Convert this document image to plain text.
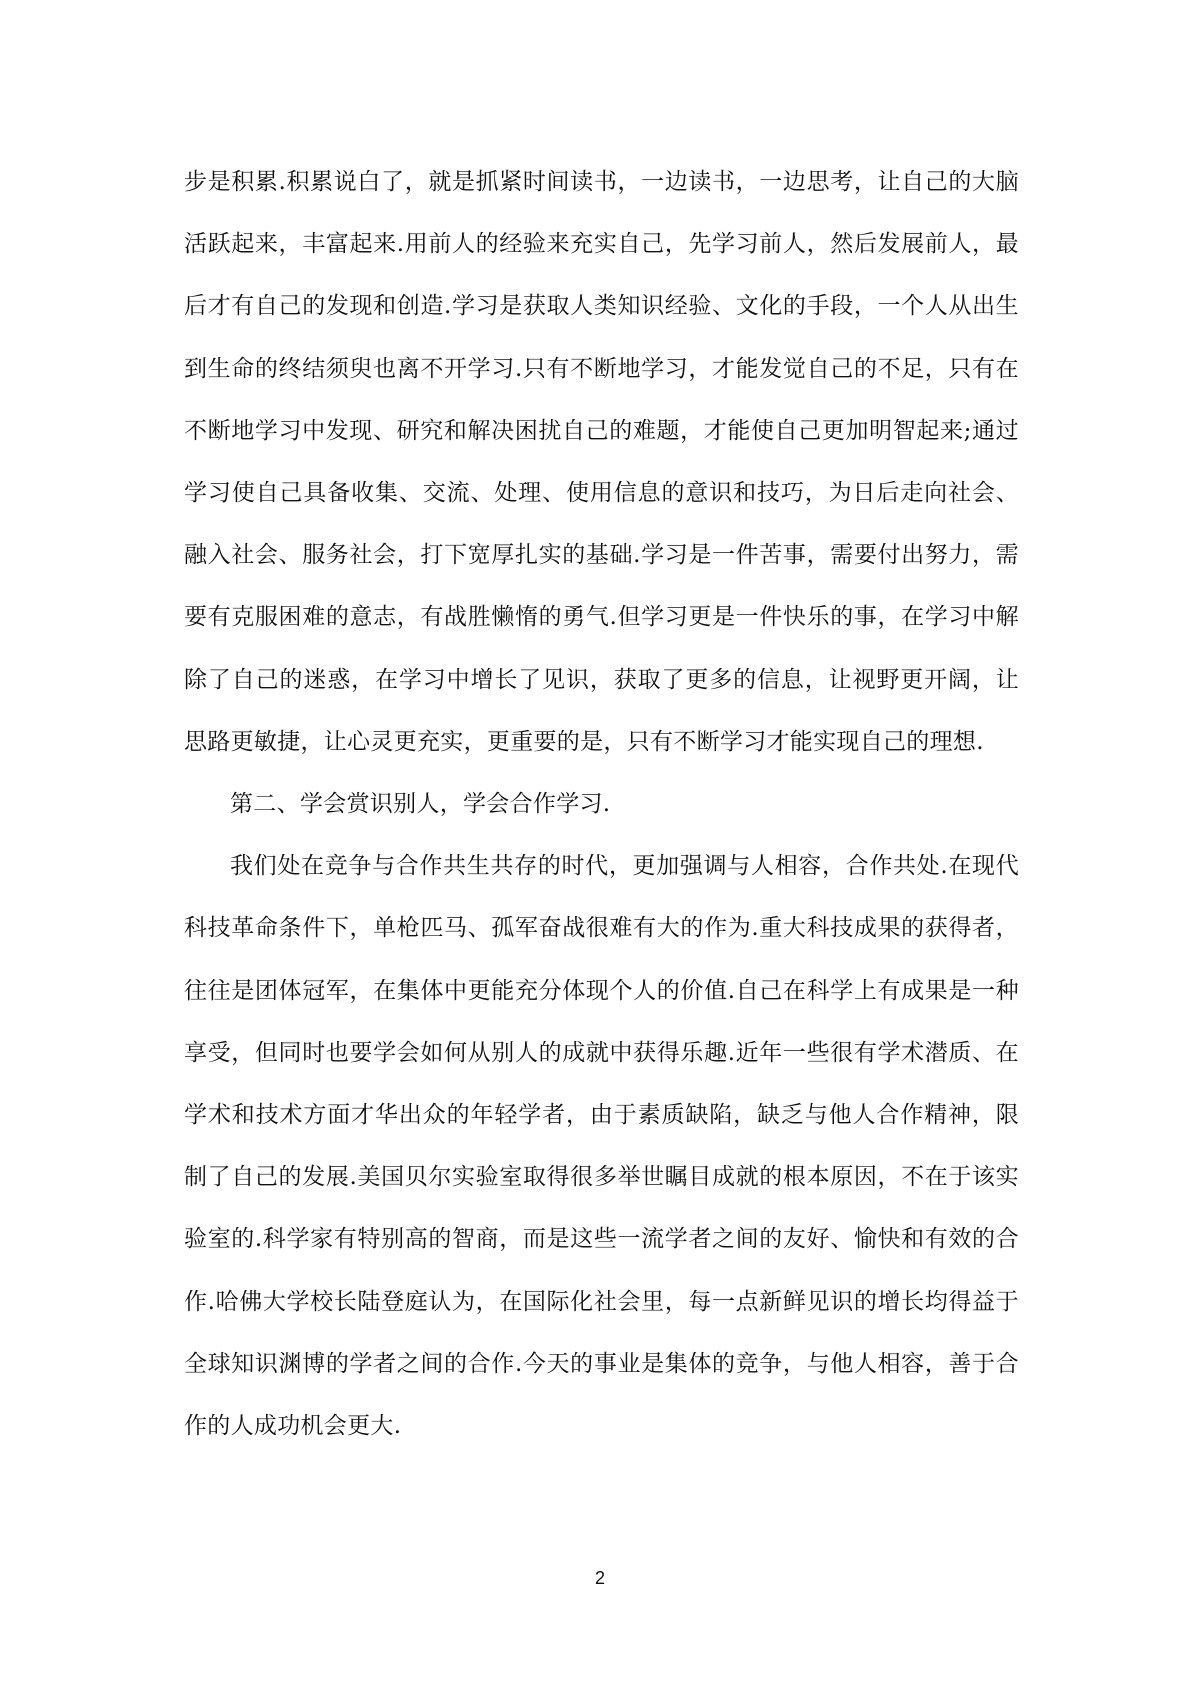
步是积累.积累说白了，就是抓紧时间读书，一边读书，一边思考，让自己的大脑活跃起来，丰富起来.用前人的经验来充实自己，先学习前人，然后发展前人，最后才有自己的发现和创造.学习是获取人类知识经验、文化的手段，一个人从出生到生命的终结须臾也离不开学习.只有不断地学习，才能发觉自己的不足，只有在不断地学习中发现、研究和解决困扰自己的难题，才能使自己更加明智起来;通过学习使自己具备收集、交流、处理、使用信息的意识和技巧，为日后走向社会、融入社会、服务社会，打下宽厚扎实的基础.学习是一件苦事，需要付出努力，需要有克服困难的意志，有战胜懒惰的勇气.但学习更是一件快乐的事，在学习中解除了自己的迷惑，在学习中增长了见识，获取了更多的信息，让视野更开阔，让思路更敏捷，让心灵更充实，更重要的是，只有不断学习才能实现自己的理想.

第二、学会赏识别人，学会合作学习.

我们处在竞争与合作共生共存的时代，更加强调与人相容，合作共处.在现代科技革命条件下，单枪匹马、孤军奋战很难有大的作为.重大科技成果的获得者，往往是团体冠军，在集体中更能充分体现个人的价值.自己在科学上有成果是一种享受，但同时也要学会如何从别人的成就中获得乐趣.近年一些很有学术潜质、在学术和技术方面才华出众的年轻学者，由于素质缺陷，缺乏与他人合作精神，限制了自己的发展.美国贝尔实验室取得很多举世瞩目成就的根本原因，不在于该实验室的.科学家有特别高的智商，而是这些一流学者之间的友好、愉快和有效的合作.哈佛大学校长陆登庭认为，在国际化社会里，每一点新鲜见识的增长均得益于全球知识渊博的学者之间的合作.今天的事业是集体的竞争，与他人相容，善于合作的人成功机会更大.

2
